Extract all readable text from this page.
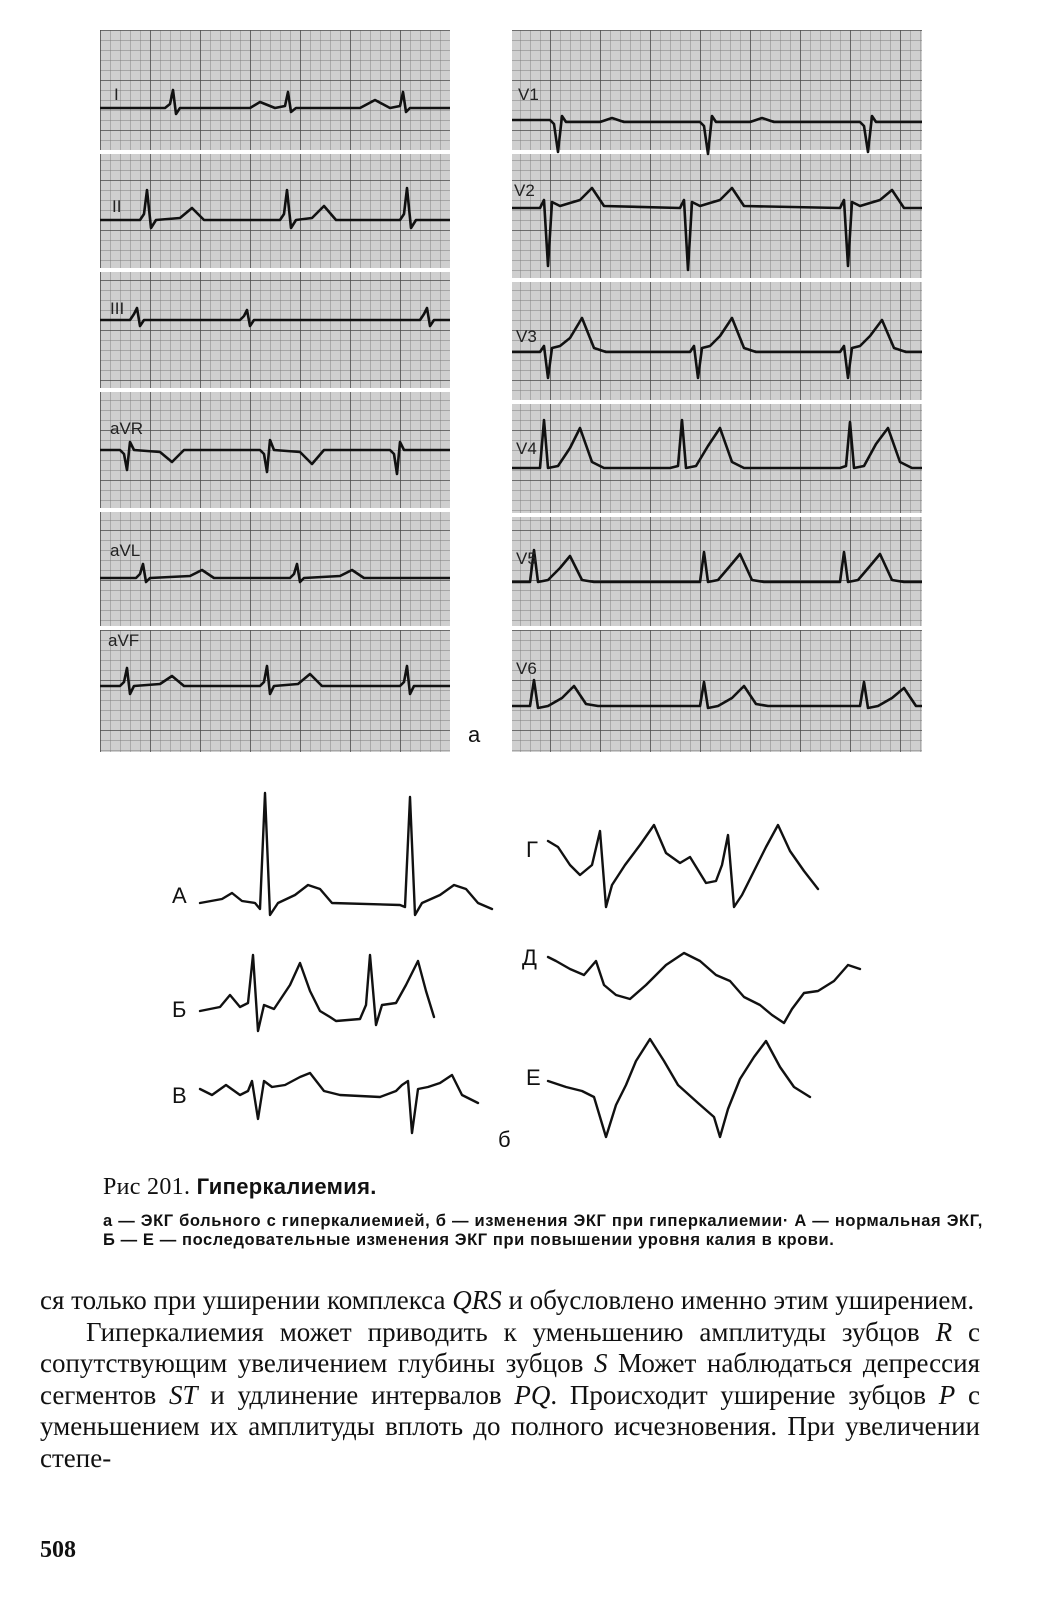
I
II
III
aVR
aVL
aVF
V1
V2
V3
V4
V5
V6
а
А
Б
В
Г
Д
Е
б
Рис 201. Гиперкалиемия.
а — ЭКГ больного с гиперкалиемией, б — изменения ЭКГ при гиперкалиемии· А — нормальная ЭКГ, Б — Е — последовательные изменения ЭКГ при повышении уровня калия в крови.

ся только при уширении комплекса QRS и обусловлено именно этим уширением.

Гиперкалиемия может приводить к уменьшению амплитуды зубцов R с сопутствующим увеличением глубины зубцов S Может наблюдаться депрессия сегментов ST и удлинение интервалов PQ. Происходит уширение зубцов P с уменьшением их амплитуды вплоть до полного исчезновения. При увеличении степе-

508
